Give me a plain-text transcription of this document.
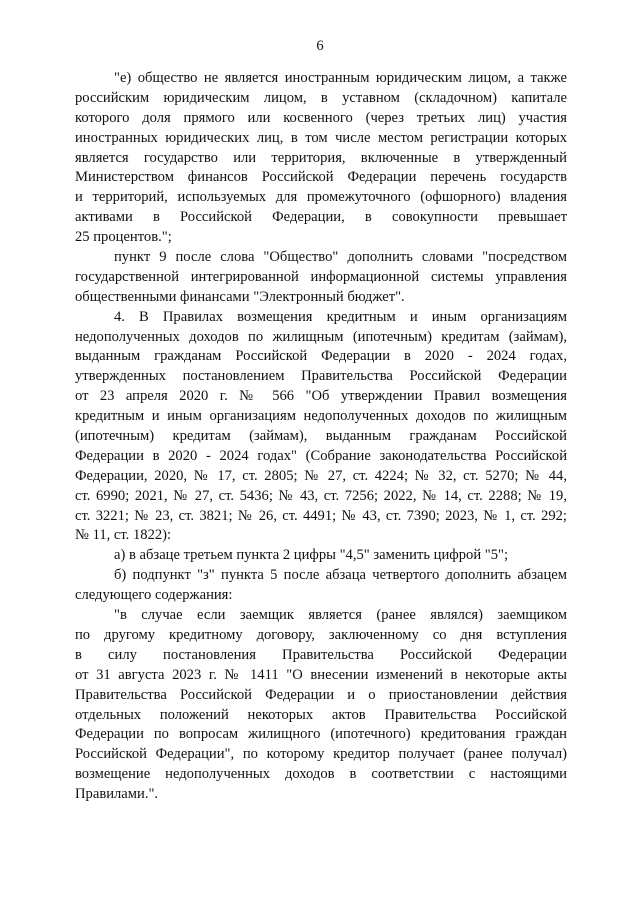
6
"е) общество не является иностранным юридическим лицом, а также
российским юридическим лицом, в уставном (складочном) капитале
которого доля прямого или косвенного (через третьих лиц) участия
иностранных юридических лиц, в том числе местом регистрации которых
является государство или территория, включенные в утвержденный
Министерством финансов Российской Федерации перечень государств
и территорий, используемых для промежуточного (офшорного) владения
активами в Российской Федерации, в совокупности превышает
25 процентов.";
пункт 9 после слова "Общество" дополнить словами "посредством
государственной интегрированной информационной системы управления
общественными финансами "Электронный бюджет".
4. В Правилах возмещения кредитным и иным организациям
недополученных доходов по жилищным (ипотечным) кредитам (займам),
выданным гражданам Российской Федерации в 2020 - 2024 годах,
утвержденных постановлением Правительства Российской Федерации
от 23 апреля 2020 г. № 566 "Об утверждении Правил возмещения
кредитным и иным организациям недополученных доходов по жилищным
(ипотечным) кредитам (займам), выданным гражданам Российской
Федерации в 2020 - 2024 годах" (Собрание законодательства Российской
Федерации, 2020, № 17, ст. 2805; № 27, ст. 4224; № 32, ст. 5270; № 44,
ст. 6990; 2021, № 27, ст. 5436; № 43, ст. 7256; 2022, № 14, ст. 2288; № 19,
ст. 3221; № 23, ст. 3821; № 26, ст. 4491; № 43, ст. 7390; 2023, № 1, ст. 292;
№ 11, ст. 1822):
а) в абзаце третьем пункта 2 цифры "4,5" заменить цифрой "5";
б) подпункт "з" пункта 5 после абзаца четвертого дополнить абзацем
следующего содержания:
"в случае если заемщик является (ранее являлся) заемщиком
по другому кредитному договору, заключенному со дня вступления
в силу постановления Правительства Российской Федерации
от 31 августа 2023 г. № 1411 "О внесении изменений в некоторые акты
Правительства Российской Федерации и о приостановлении действия
отдельных положений некоторых актов Правительства Российской
Федерации по вопросам жилищного (ипотечного) кредитования граждан
Российской Федерации", по которому кредитор получает (ранее получал)
возмещение недополученных доходов в соответствии с настоящими
Правилами.".
